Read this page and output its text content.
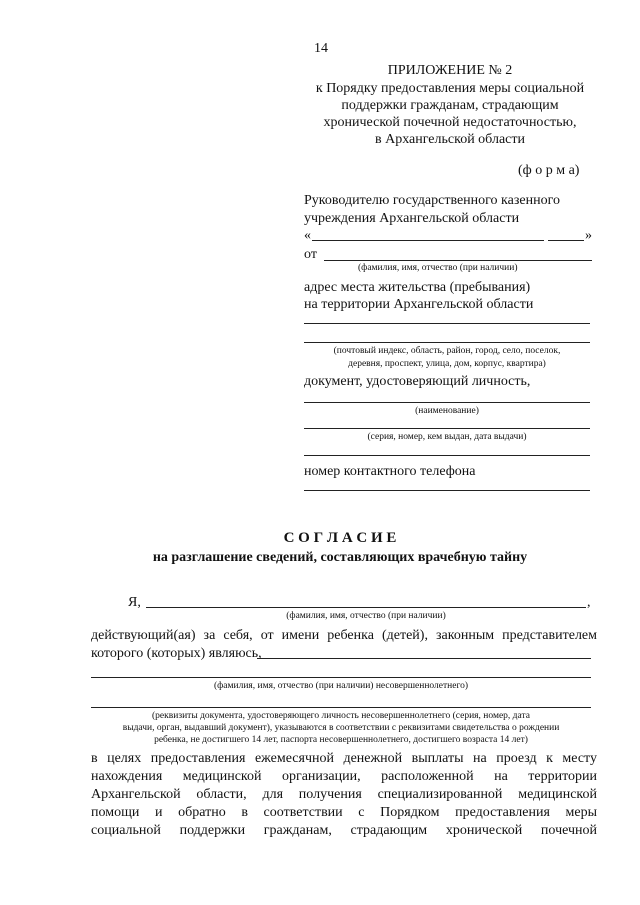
14
ПРИЛОЖЕНИЕ № 2
к Порядку предоставления меры социальной
поддержки гражданам, страдающим
хронической почечной недостаточностью,
в Архангельской области
(ф о р м а)
Руководителю государственного казенного
учреждения Архангельской области
«	»
от
(фамилия, имя, отчество (при наличии)
адрес места жительства (пребывания)
на территории Архангельской области
(почтовый индекс, область, район, город, село, поселок,
деревня, проспект, улица, дом, корпус, квартира)
документ, удостоверяющий личность,
(наименование)
(серия, номер, кем выдан, дата выдачи)
номер контактного телефона
С О Г Л А С И Е
на разглашение сведений, составляющих врачебную тайну
Я,	,
(фамилия, имя, отчество (при наличии)
действующий(ая) за себя, от имени ребенка (детей), законным представителем
которого (которых) являюсь,
(фамилия, имя, отчество (при наличии) несовершеннолетнего)
(реквизиты документа, удостоверяющего личность несовершеннолетнего (серия, номер, дата
выдачи, орган, выдавший документ), указываются в соответствии с реквизитами свидетельства о рождении
ребенка, не достигшего 14 лет, паспорта несовершеннолетнего, достигшего возраста 14 лет)
в целях предоставления ежемесячной денежной выплаты на проезд к месту
нахождения медицинской организации, расположенной на территории
Архангельской области, для получения специализированной медицинской
помощи и обратно в соответствии с Порядком предоставления меры
социальной поддержки гражданам, страдающим хронической почечной
